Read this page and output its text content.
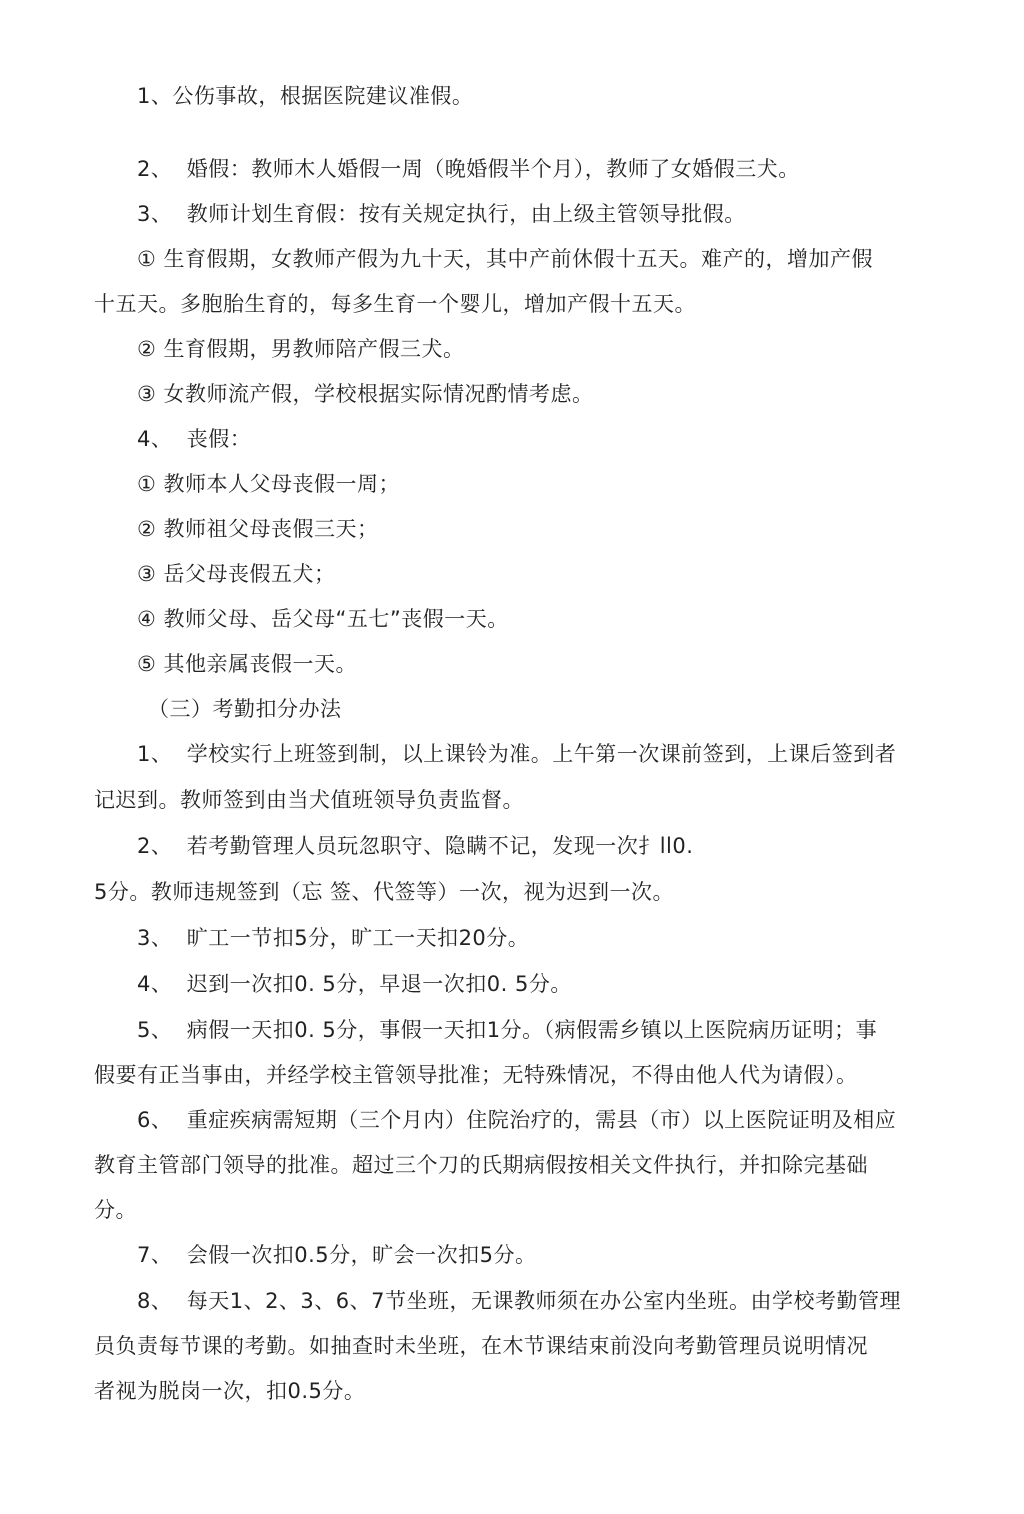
1、公伤事故，根据医院建议准假。
2、  婚假：教师木人婚假一周（晚婚假半个月），教师了女婚假三犬。
3、  教师计划生育假：按有关规定执行，由上级主管领导批假。
① 生育假期，女教师产假为九十天，其中产前休假十五天。难产的，增加产假
十五天。多胞胎生育的，每多生育一个婴儿，增加产假十五天。
② 生育假期，男教师陪产假三犬。
③ 女教师流产假，学校根据实际情况酌情考虑。
4、  丧假：
① 教师本人父母丧假一周；
② 教师祖父母丧假三天；
③ 岳父母丧假五犬；
④ 教师父母、岳父母“五七”丧假一天。
⑤ 其他亲属丧假一天。
（三）考勤扣分办法
1、  学校实行上班签到制，以上课铃为准。上午第一次课前签到，上课后签到者
记迟到。教师签到由当犬值班领导负责监督。
2、  若考勤管理人员玩忽职守、隐瞒不记，发现一次扌ll0.
5分。教师违规签到（忘 签、代签等）一次，视为迟到一次。
3、  旷工一节扣5分，旷工一天扣20分。
4、  迟到一次扣0. 5分，早退一次扣0. 5分。
5、  病假一天扣0. 5分，事假一天扣1分。（病假需乡镇以上医院病历证明；事
假要有正当事由，并经学校主管领导批准；无特殊情况，不得由他人代为请假）。
6、  重症疾病需短期（三个月内）住院治疗的，需县（市）以上医院证明及相应
教育主管部门领导的批准。超过三个刀的氏期病假按相关文件执行，并扣除完基础
分。
7、  会假一次扣0.5分，旷会一次扣5分。
8、  每天1、2、3、6、7节坐班，无课教师须在办公室内坐班。由学校考勤管理
员负责每节课的考勤。如抽查时未坐班，在木节课结束前没向考勤管理员说明情况
者视为脱岗一次，扣0.5分。
